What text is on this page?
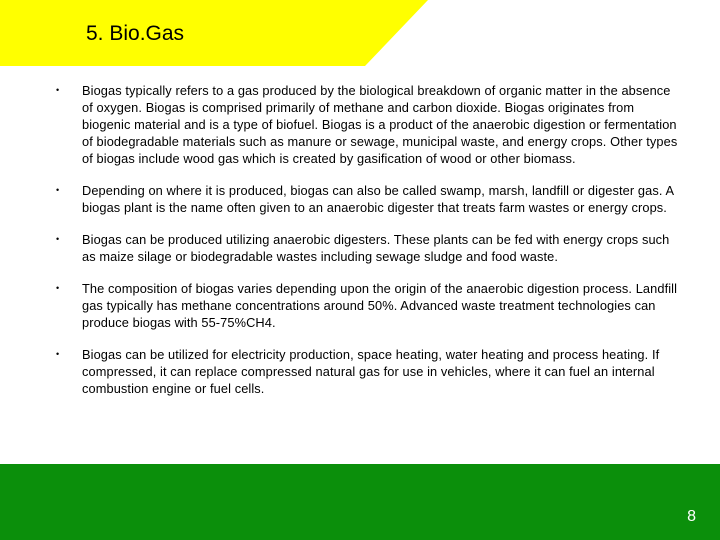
5. Bio.Gas
• Biogas typically refers to a gas produced by the biological breakdown of organic matter in the absence of oxygen. Biogas is comprised primarily of methane and carbon dioxide. Biogas originates from biogenic material and is a type of biofuel. Biogas is a product of the anaerobic digestion or fermentation of biodegradable materials such as manure or sewage, municipal waste, and energy crops. Other types of biogas include wood gas which is created by gasification of wood or other biomass.
• Depending on where it is produced, biogas can also be called swamp, marsh, landfill or digester gas. A biogas plant is the name often given to an anaerobic digester that treats farm wastes or energy crops.
• Biogas can be produced utilizing anaerobic digesters. These plants can be fed with energy crops such as maize silage or biodegradable wastes including sewage sludge and food waste.
• The composition of biogas varies depending upon the origin of the anaerobic digestion process. Landfill gas typically has methane concentrations around 50%. Advanced waste treatment technologies can produce biogas with 55-75%CH4.
• Biogas can be utilized for electricity production, space heating, water heating and process heating. If compressed, it can replace compressed natural gas for use in vehicles, where it can fuel an internal combustion engine or fuel cells.
8
